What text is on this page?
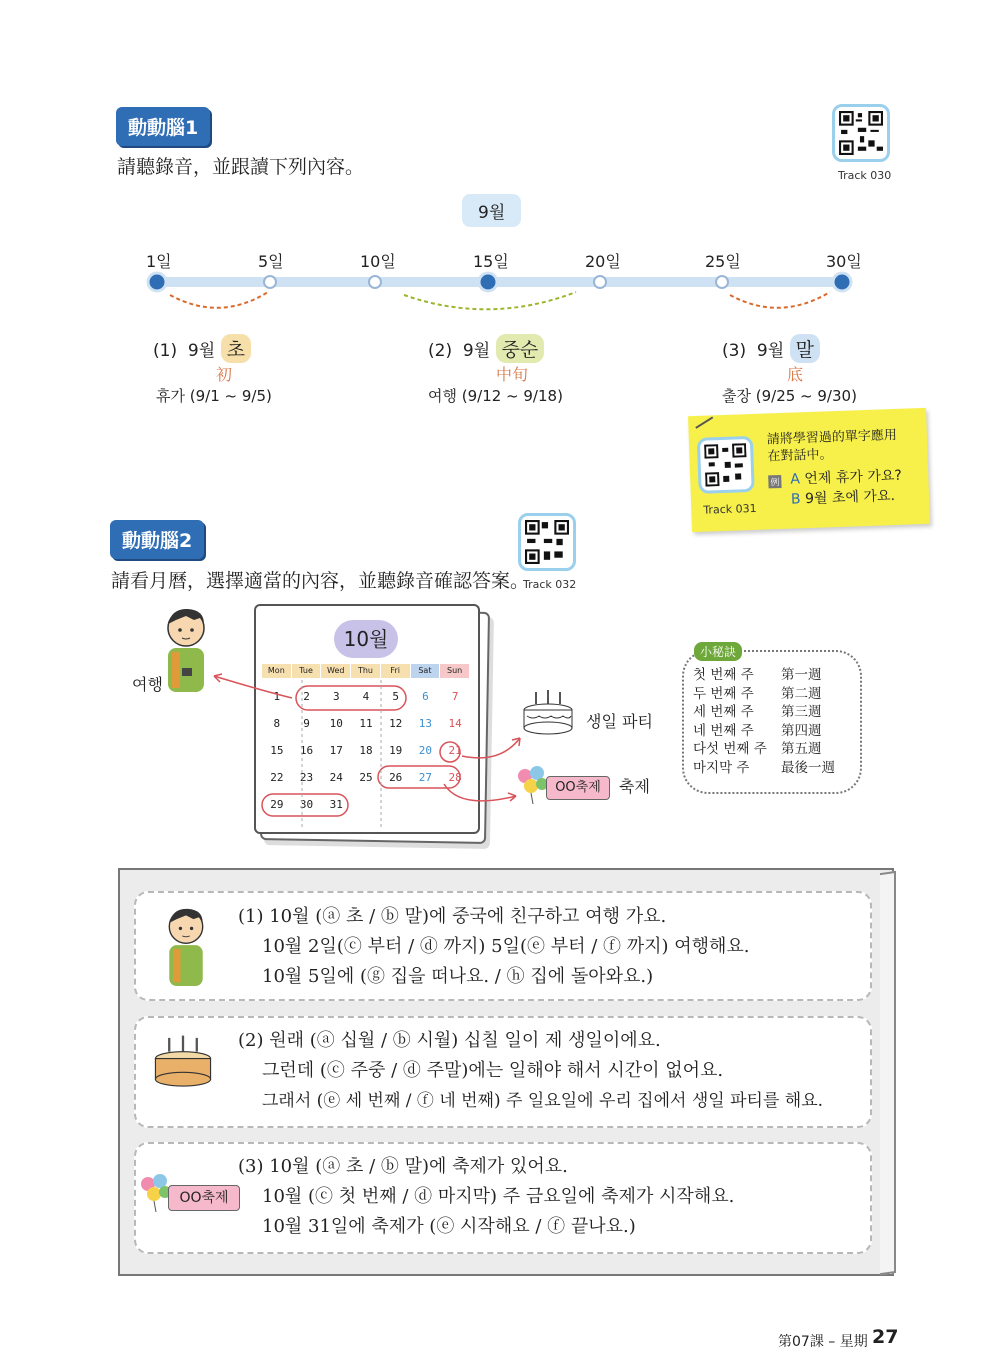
動動腦1
請聽錄音，並跟讀下列內容。	Track 030
9월
1일	5일	10일	15일	20일	25일	30일
(1) 9월 초
初
휴가 (9/1 ~ 9/5)
(2) 9월 중순
中旬
여행 (9/12 ~ 9/18)
(3) 9월 말
底
출장 (9/25 ~ 9/30)
Track 031
請將學習過的單字應用
在對話中。
例 A 언제 휴가 가요?
B 9월 초에 가요.
動動腦2
請看月曆，選擇適當的內容，並聽錄音確認答案。
Track 032
여행
10월
Mon	Tue	Wed	Thu	Fri	Sat	Sun
1	2	3	4	5	6	7
8	9	10	11	12	13	14
15	16	17	18	19	20	21
22	23	24	25	26	27	28
29	30	31
생일 파티
OO축제	축제
小秘訣
첫 번째 주 第一週
두 번째 주 第二週
세 번째 주 第三週
네 번째 주 第四週
다섯 번째 주 第五週
마지막 주 最後一週
OO축제
(1) 10월 (ⓐ 초 / ⓑ 말)에 중국에 친구하고 여행 가요.
10월 2일(ⓒ 부터 / ⓓ 까지) 5일(ⓔ 부터 / ⓕ 까지) 여행해요.
10월 5일에 (ⓖ 집을 떠나요. / ⓗ 집에 돌아와요.)
(2) 원래 (ⓐ 십월 / ⓑ 시월) 십칠 일이 제 생일이에요.
그런데 (ⓒ 주중 / ⓓ 주말)에는 일해야 해서 시간이 없어요.
그래서 (ⓔ 세 번째 / ⓕ 네 번째) 주 일요일에 우리 집에서 생일 파티를 해요.
(3) 10월 (ⓐ 초 / ⓑ 말)에 축제가 있어요.
10월 (ⓒ 첫 번째 / ⓓ 마지막) 주 금요일에 축제가 시작해요.
10월 31일에 축제가 (ⓔ 시작해요 / ⓕ 끝나요.)
第07課 – 星期 27
